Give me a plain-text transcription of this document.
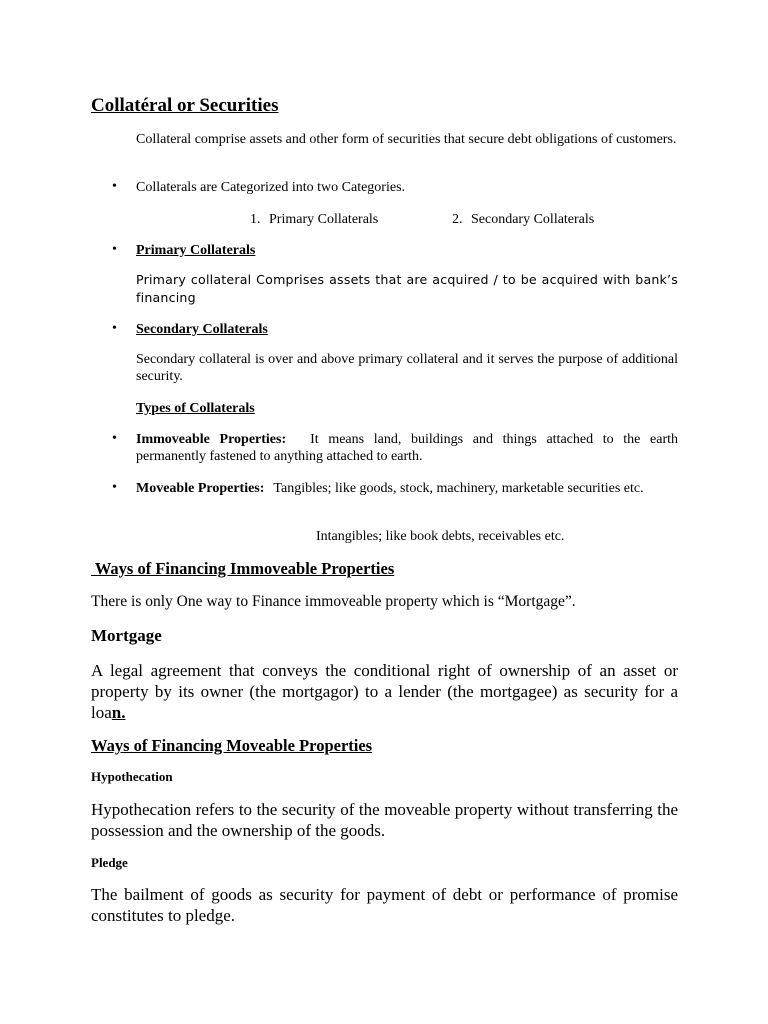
Collatéral or Securities
Collateral comprise assets and other form of securities that secure debt obligations of customers.
• Collaterals are Categorized into two Categories.
1. Primary Collaterals	2. Secondary Collaterals
• Primary Collaterals
Primary collateral Comprises assets that are acquired / to be acquired with bank’s financing
• Secondary Collaterals
Secondary collateral is over and above primary collateral and it serves the purpose of additional security.
Types of Collaterals
• Immoveable Properties: It means land, buildings and things attached to the earth permanently fastened to anything attached to earth.
• Moveable Properties: Tangibles; like goods, stock, machinery, marketable securities etc.
Intangibles; like book debts, receivables etc.
Ways of Financing Immoveable Properties
There is only One way to Finance immoveable property which is “Mortgage”.
Mortgage
A legal agreement that conveys the conditional right of ownership of an asset or property by its owner (the mortgagor) to a lender (the mortgagee) as security for a loan.
Ways of Financing Moveable Properties
Hypothecation
Hypothecation refers to the security of the moveable property without transferring the possession and the ownership of the goods.
Pledge
The bailment of goods as security for payment of debt or performance of promise constitutes to pledge.
